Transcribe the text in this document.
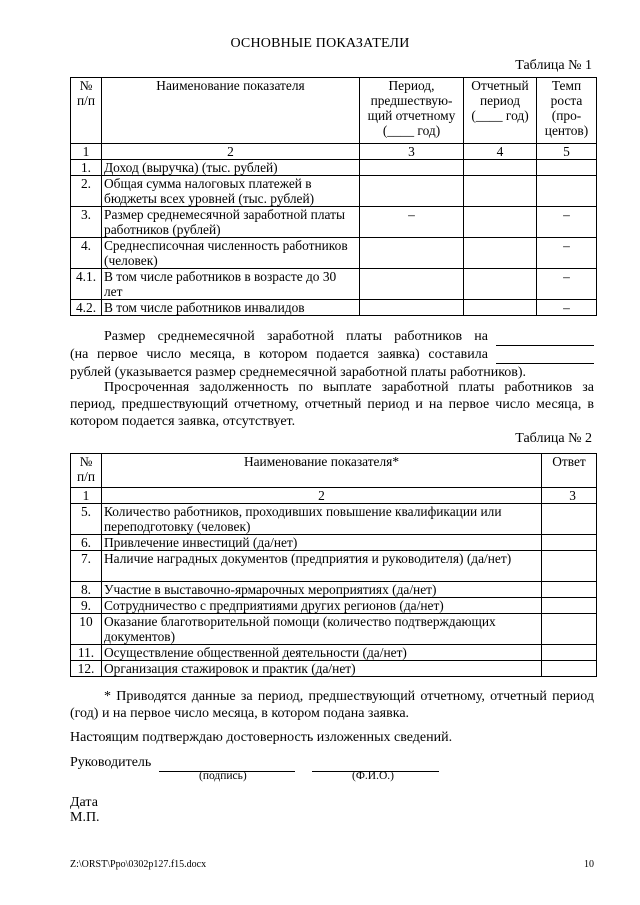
ОСНОВНЫЕ ПОКАЗАТЕЛИ
Таблица № 1
№ п/п	Наименование показателя	Период, предшествую-щий отчетному (____ год)	Отчетный период (____ год)	Темп роста (про-центов)
1	2	3	4	5
1.	Доход (выручка) (тыс. рублей)			
2.	Общая сумма налоговых платежей в бюджеты всех уровней (тыс. рублей)			
3.	Размер среднемесячной заработной платы работников (рублей)	–		–
4.	Среднесписочная численность работников (человек)			–
4.1.	В том числе работников в возрасте до 30 лет			–
4.2.	В том числе работников инвалидов			–
Размер среднемесячной заработной платы работников на

(на первое число месяца, в котором подается заявка) составила

рублей (указывается размер среднемесячной заработной платы работников).
Просроченная задолженность по выплате заработной платы работников за период, предшествующий отчетному, отчетный период и на первое число месяца, в котором подается заявка, отсутствует.
Таблица № 2
№ п/п	Наименование показателя*	Ответ
1	2	3
5.	Количество работников, проходивших повышение квалификации или переподготовку (человек)	
6.	Привлечение инвестиций (да/нет)	
7.	Наличие наградных документов (предприятия и руководителя) (да/нет)	
8.	Участие в выставочно-ярмарочных мероприятиях (да/нет)	
9.	Сотрудничество с предприятиями других регионов (да/нет)	
10	Оказание благотворительной помощи (количество подтверждающих документов)	
11.	Осуществление общественной деятельности (да/нет)	
12.	Организация стажировок и практик (да/нет)	
* Приводятся данные за период, предшествующий отчетному, отчетный период (год) и на первое число месяца, в котором подана заявка.
Настоящим подтверждаю достоверность изложенных сведений.
Руководитель
(подпись)	(Ф.И.О.)
Дата
М.П.
Z:\ORST\Ppo\0302p127.f15.docx	10
